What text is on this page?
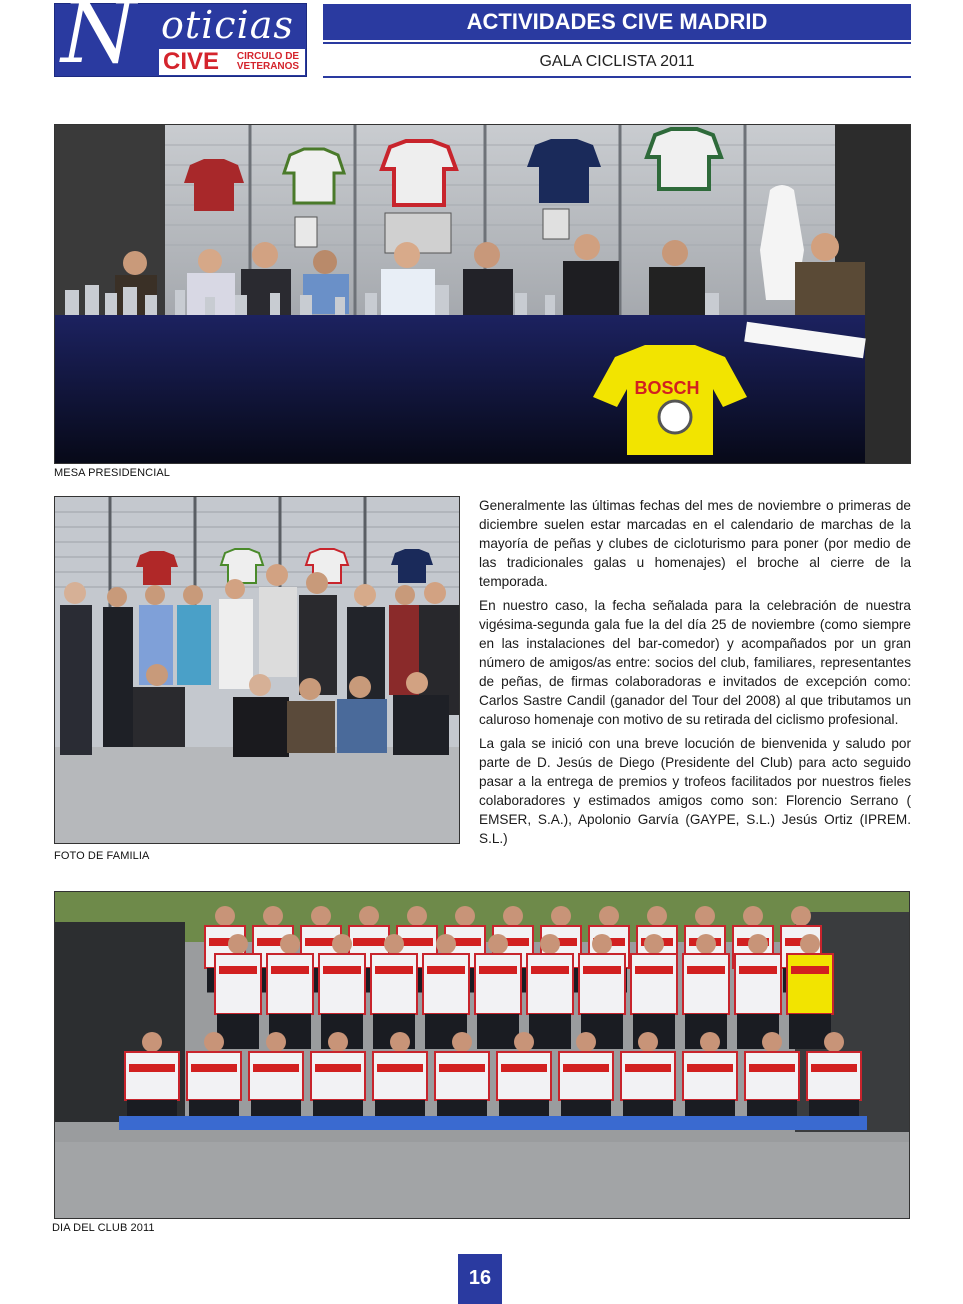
N oticias
CIVE	CIRCULO DE
VETERANOS
ACTIVIDADES CIVE MADRID
GALA CICLISTA 2011
BOSCH
MESA PRESIDENCIAL
FOTO DE FAMILIA

Generalmente las últimas fechas del mes de noviembre o primeras de diciembre suelen estar marcadas en el calendario de marchas de la mayoría de peñas y clubes de cicloturismo para poner (por medio de las tradicionales galas u homenajes) el broche al cierre de la temporada.

En nuestro caso, la fecha señalada para la celebración de nuestra vigésima-segunda gala fue la del día 25 de noviembre (como siempre en las instalaciones del bar-comedor) y acompañados por un gran número de amigos/as entre: socios del club, familiares, representantes de peñas, de firmas colaboradoras e invitados de excepción como: Carlos Sastre Candil (ganador del Tour del 2008) al que tributamos un caluroso homenaje con motivo de su retirada del ciclismo profesional.

La gala se inició con una breve locución de bienvenida y saludo por parte de D. Jesús de Diego (Presidente del Club) para acto seguido pasar a la entrega de premios y trofeos facilitados por nuestros fieles colaboradores y estimados amigos como son: Florencio Serrano ( EMSER, S.A.), Apolonio Garvía (GAYPE, S.L.) Jesús Ortiz (IPREM. S.L.)

DIA DEL CLUB 2011
16
